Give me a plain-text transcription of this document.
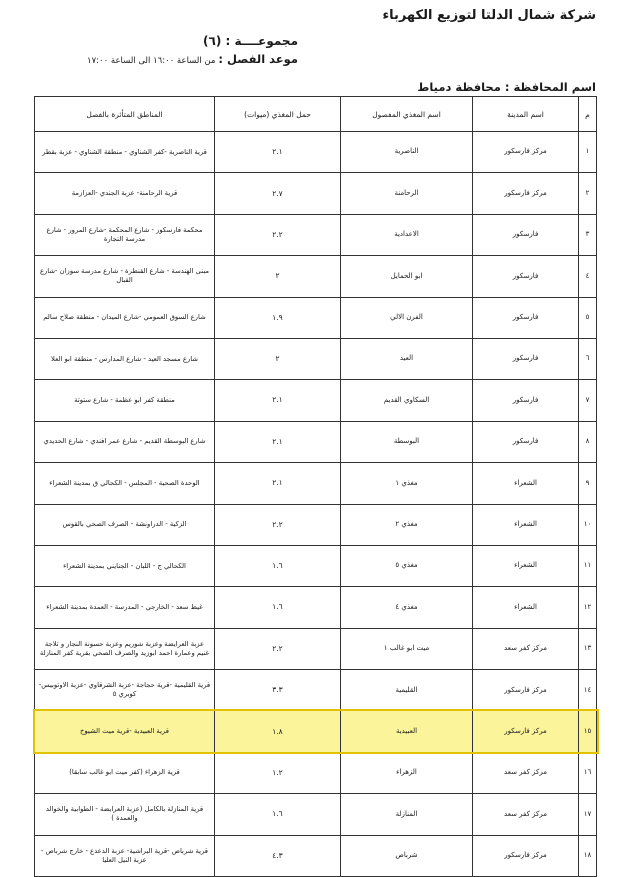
شركة شمال الدلتا لتوزيع الكهرباء
مجموعــــة : (٦)
موعد الفصل :من الساعة ١٦:٠٠ الى الساعة ١٧:٠٠
اسم المحافظة : محافظة دمياط
م	اسم المدينة	اسم المغذي المفصول	حمل المغذي (ميوات)	المناطق المتأثرة بالفصل
١	مركز فارسكور	الناصرية	٢.١	قرية الناصرية -كفر الشناوي - منطقة الشناوي - عزبة بقطر
٢	مركز فارسكور	الرحامنة	٢.٧	قرية الرحامنة- عزبة الجندي -العزازمة
٣	فارسكور	الاعدادية	٢.٢	محكمة فارسكور - شارع المحكمة -شارع المرور - شارع مدرسة التجارة
٤	فارسكور	ابو الحمايل	٢	مبنى الهندسة - شارع القنطرة - شارع مدرسة سوزان -شارع القبال
٥	فارسكور	الفرن الالي	١.٩	شارع السوق العمومي -شارع الميدان - منطقة صلاح سالم
٦	فارسكور	العيد	٢	شارع مسجد العيد - شارع المدارس - منطقة ابو العلا
٧	فارسكور	السكاوي القديم	٢.١	منطقة كفر ابو عظمة - شارع ستوتة
٨	فارسكور	البوسطة	٢.١	شارع البوسطة القديم - شارع عمر افندي - شارع الحديدي
٩	الشعراء	مغذي ١	٢.١	الوحدة الصحية - المجلس - الكحالي ق بمدينة الشعراء
١٠	الشعراء	مغذي ٢	٢.٢	الزكية - الدراونشة - الصرف الصحي بالقوس
١١	الشعراء	مغذي ٥	١.٦	الكحالي ج - اللبان - الجنايني بمدينة الشعراء
١٢	الشعراء	مغذي ٤	١.٦	غيط سعد - الخارجي - المدرسة - العمدة بمدينة الشعراء
١٣	مركز كفر سعد	ميت ابو غالب ١	٢.٢	عزبة العرايضة وعزبة شوريم وعزبة حسونة النجار و تلاجة غنيم وعمارة احمد ابوزيد والصرف الصحي بقرية كفر المنازلة
١٤	مركز فارسكور	القليمية	٣.٣	قرية القليمية -قرية حجاجة -عزبة الشرقاوي -عزبة الاوتوبيس-كوبري ٥
١٥	مركز فارسكور	العبيدية	١.٨	قرية العبيدية -قرية ميت الشيوخ
١٦	مركز كفر سعد	الزهراء	١.٢	قرية الزهراء (كفر ميت ابو غالب سابقا)
١٧	مركز كفر سعد	المنازلة	١.٦	قرية المنازلة بالكامل (عزبة العرايضة - الطوابية والخوالد والعمدة )
١٨	مركز فارسكور	شرباص	٤.٣	قرية شرباص -قرية البراشية- عزبة الدعدع - خارج شرباص - عزبة النيل العليا
